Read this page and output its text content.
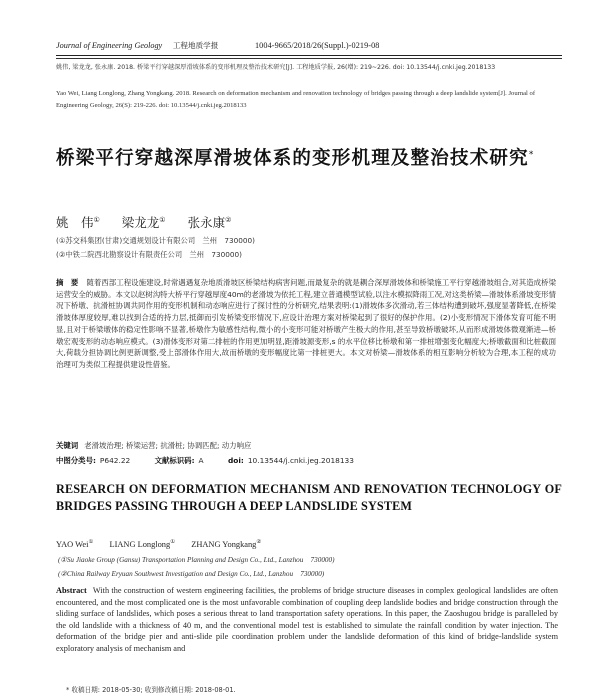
Journal of Engineering Geology 工程地质学报	1004-9665/2018/26(Suppl.)-0219-08
姚伟, 梁龙龙, 张永康. 2018. 桥梁平行穿越深厚滑坡体系的变形机理及整治技术研究[J]. 工程地质学报, 26(增): 219~226. doi: 10.13544/j.cnki.jeg.2018133
Yao Wei, Liang Longlong, Zhang Yongkang. 2018. Research on deformation mechanism and renovation technology of bridges passing through a deep landslide system[J]. Journal of Engineering Geology, 26(S): 219-226. doi: 10.13544/j.cnki.jeg.2018133
桥梁平行穿越深厚滑坡体系的变形机理及整治技术研究*
姚　伟① 梁龙龙① 张永康②
(①苏交科集团(甘肃)交通规划设计有限公司　兰州　730000)
(②中铁二院西北勘察设计有限责任公司　兰州　730000)
摘　要 随着西部工程设施建设,时常遇遇复杂地质滑坡区桥梁结构病害问题,而最复杂的就是耦合深厚滑坡体和桥梁施工平行穿越滑坡组合,对其造成桥梁运营安全的威胁。本文以赵树沟特大桥平行穿越厚度40m的老滑坡为依托工程,建立普通模型试验,以注水模拟降雨工况,对这类桥梁—滑坡体系滑坡变形情况下桥墩、抗滑桩协调共同作用的变形机制和动态响应进行了探讨性的分析研究,结果表明:(1)滑坡体多次滑动,若三体结构遭到破坏,强度显著降低,在桥梁滑坡体厚度较厚,难以找到合适的持力层,抵御而引发桥梁变形情况下,应设计治理方案对桥梁起到了很好的保护作用。(2)小变形情况下滑体发育可能不明显,且对于桥梁墩体的稳定性影响不显著,桥墩作为敏感性结构,微小的小变形可能对桥墩产生极大的作用,甚至导致桥墩破坏,从而形成滑坡体微观渐进—桥墩宏观变形的动态响应模式。(3)滑体变形对第二排桩的作用更加明显,距滑坡源变形,s 的水平位移比桥墩和第一排桩增强变化幅度大;桥墩截面和比桩截面大,荷载分担协调比例更新调整,受上部滑体作用大,故而桥墩的变形幅度比第一排桩更大。本文对桥梁—滑坡体系的相互影响分析较为合理,本工程的成功治理可为类似工程提供建设性借鉴。
关键词 老滑坡治理; 桥梁运营; 抗滑桩; 协调匹配; 动力响应
中图分类号: P642.22	文献标识码: A	doi: 10.13544/j.cnki.jeg.2018133
RESEARCH ON DEFORMATION MECHANISM AND RENOVATION TECHNOLOGY OF BRIDGES PASSING THROUGH A DEEP LANDSLIDE SYSTEM
YAO Wei① LIANG Longlong① ZHANG Yongkang②
(①Su Jiaoke Group (Gansu) Transportation Planning and Design Co., Ltd., Lanzhou　730000)
(②China Railway Eryuan Southwest Investigation and Design Co., Ltd., Lanzhou　730000)
Abstract With the construction of western engineering facilities, the problems of bridge structure diseases in complex geological landslides are often encountered, and the most complicated one is the most unfavorable combination of coupling deep landslide bodies and bridge construction through the sliding surface of landslides, which poses a serious threat to land transportation safety operations. In this paper, the Zaoshugou bridge is paralleled by the old landslide with a thickness of 40 m, and the conventional model test is established to simulate the rainfall condition by water injection. The deformation of the bridge pier and anti-slide pile coordination problem under the landslide deformation of this kind of bridge-landslide system exploratory analysis of mechanism and
* 收稿日期: 2018-05-30; 收到修改稿日期: 2018-08-01.
